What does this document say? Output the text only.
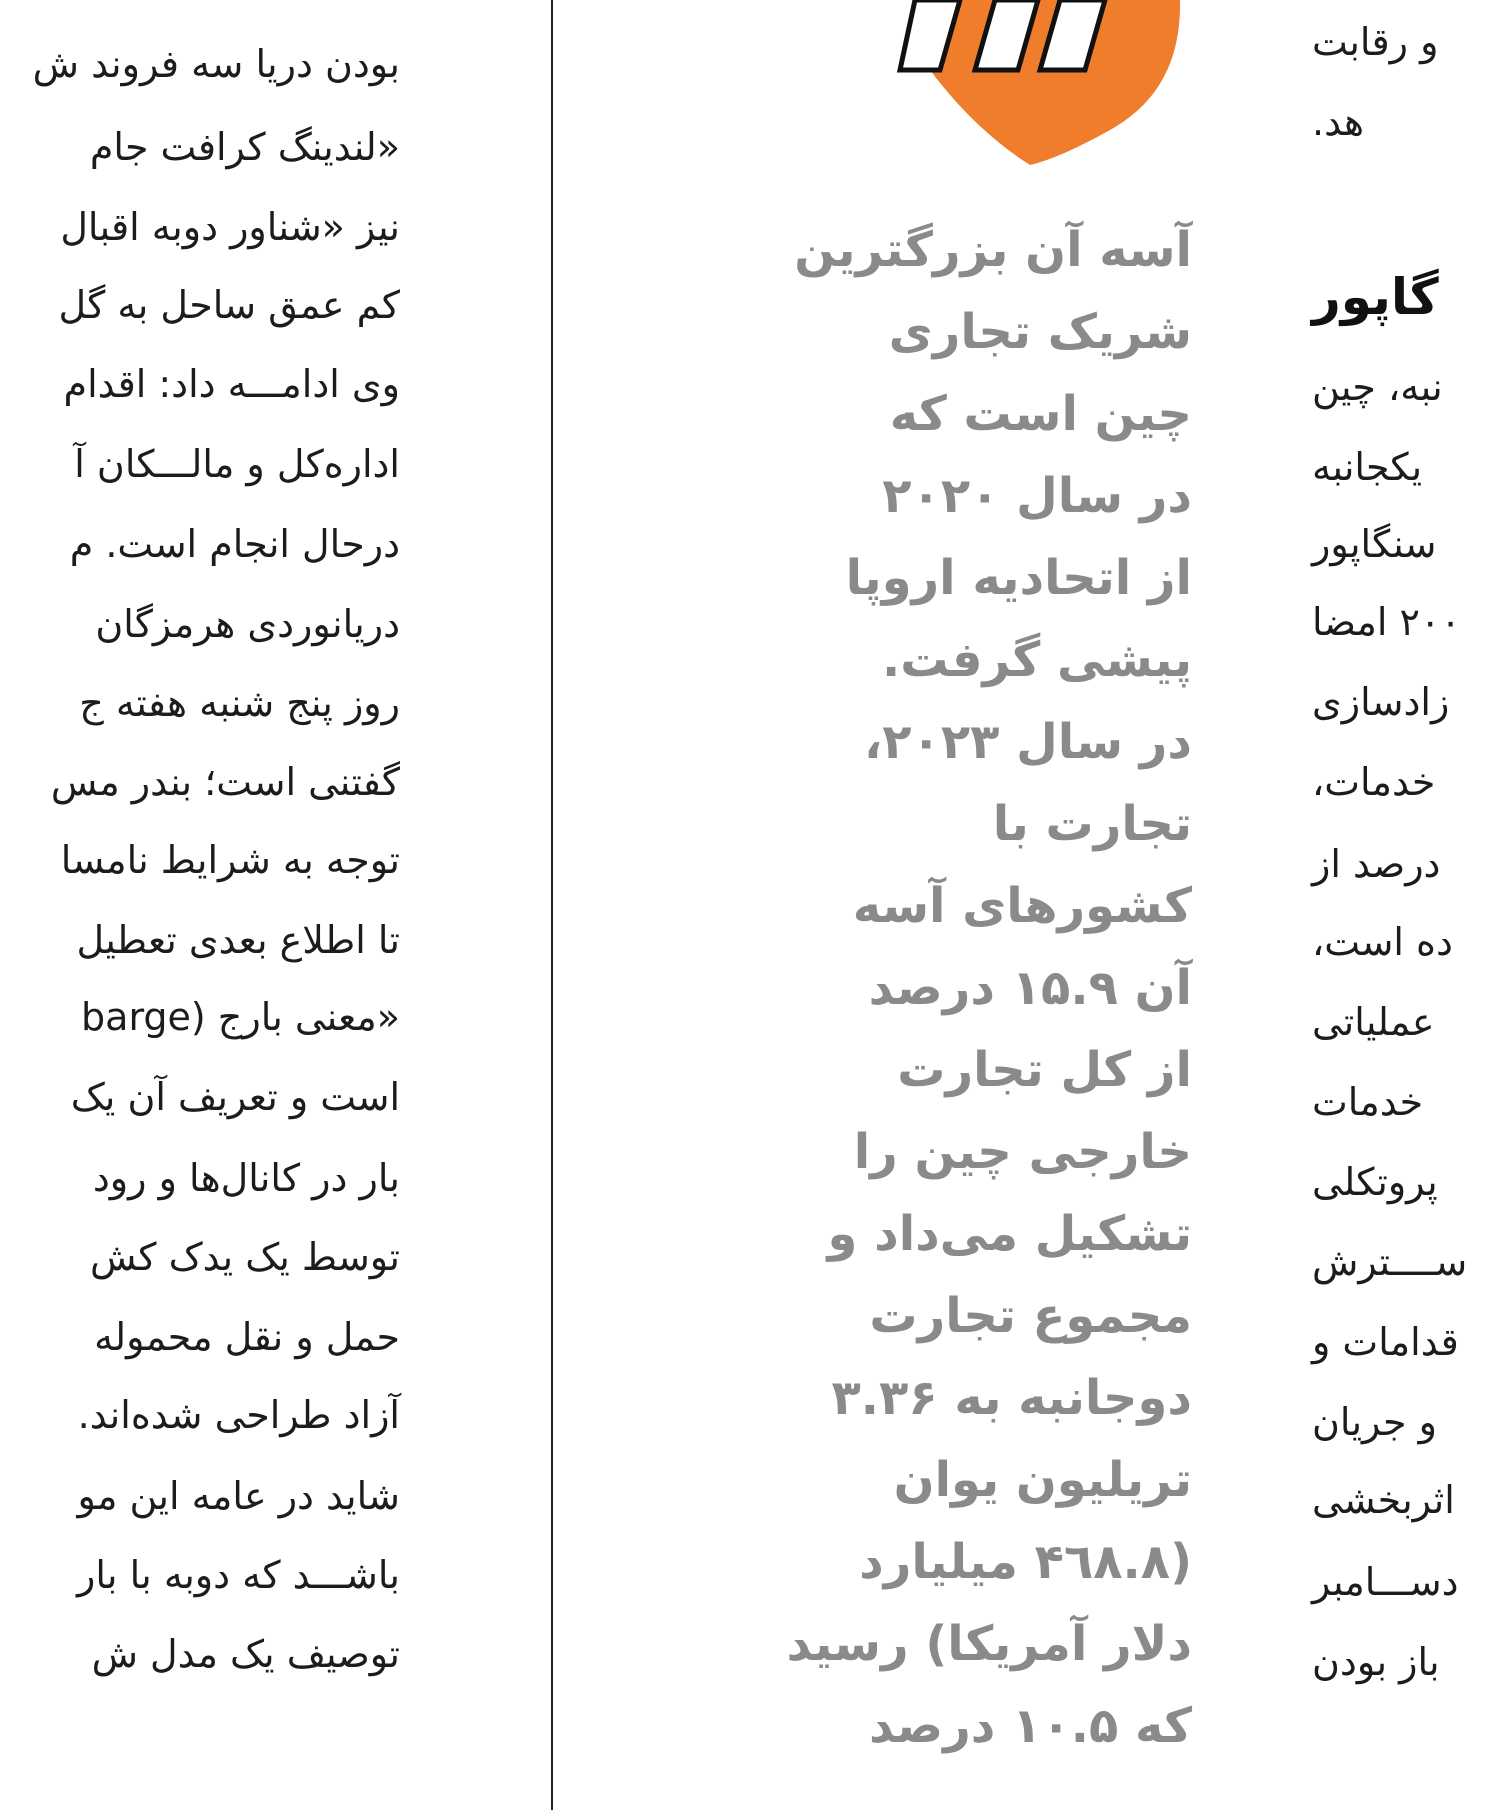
بودن دریا سه فروند ش
«لندینگ کرافت جام
نیز «شناور دوبه اقبال
کم عمق ساحل به گل
وی ادامـــه داد: اقدام
اداره‌کل و مالـــکان آ
درحال انجام است. م
دریانوردی هرمزگان
روز پنج شنبه هفته ج
گفتنی است؛ بندر مس
توجه به شرایط نامسا
تا اطلاع بعدی تعطیل
«معنی بارج (barge
است و تعریف آن یک
بار در کانال‌ها و رود
توسط یک یدک کش
حمل و نقل محموله
آزاد طراحی شده‌اند.
شاید در عامه این مو
باشـــد که دوبه با بار
توصیف یک مدل ش
آسه آن بزرگترین
شریک تجاری
چین است که
در سال ۲۰۲۰
از اتحادیه اروپا
پیشی گرفت.
در سال ۲۰۲۳،
تجارت با
کشورهای آسه
آن ۱۵.۹ درصد
از کل تجارت
خارجی چین را
تشکیل می‌داد و
مجموع تجارت
دوجانبه به ۳.۳۶
تریلیون یوان
(۴٦٨.٨ میلیارد
دلار آمریکا) رسید
که ۱۰.۵ درصد
و رقابت
هد.
گاپور
نبه، چین
یکجانبه
سنگاپور
۲۰۰ امضا
زادسازی
خدمات،
درصد از
ده است،
عملیاتی
خدمات
پروتکلی
ســــترش
قدامات و
و جریان
اثربخشی
دســـامبر
باز بودن
